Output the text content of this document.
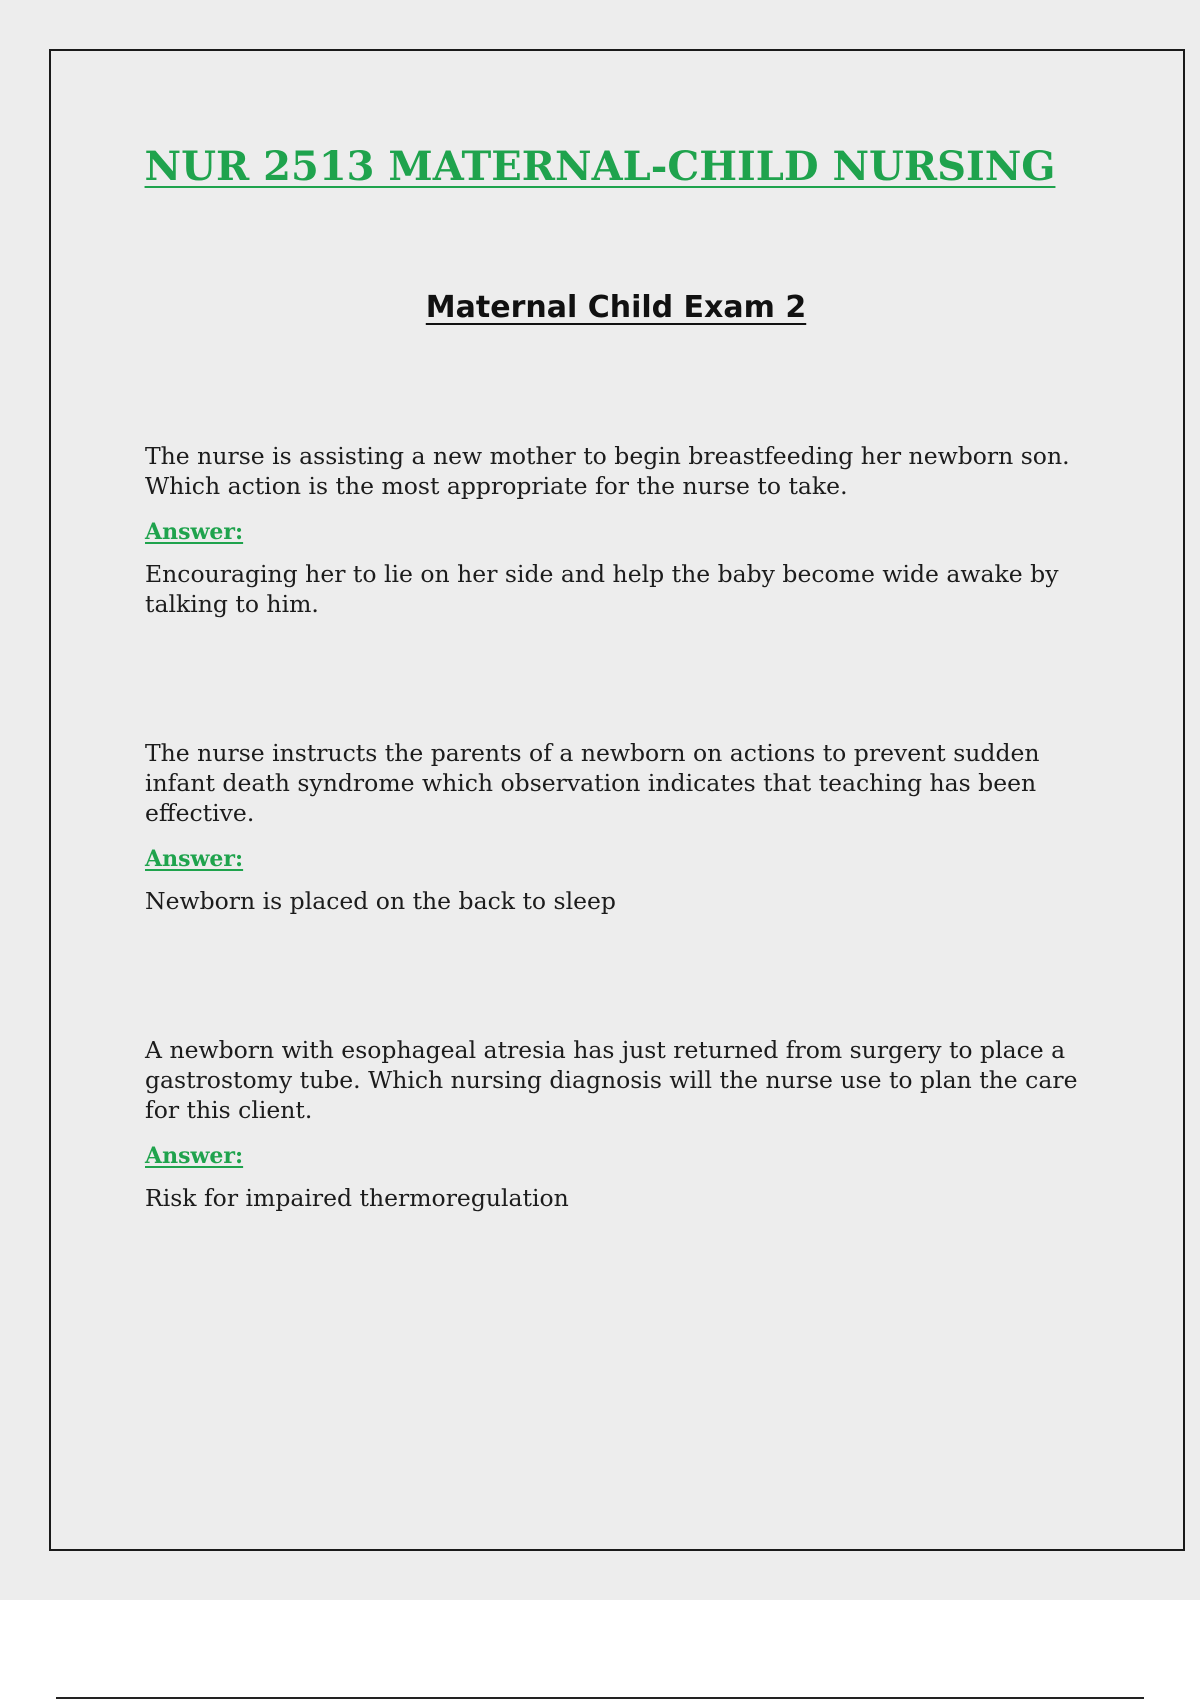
NUR 2513 MATERNAL-CHILD NURSING
Maternal Child Exam 2

The nurse is assisting a new mother to begin breastfeeding her newborn son. Which action is the most appropriate for the nurse to take.

Answer:

Encouraging her to lie on her side and help the baby become wide awake by talking to him.

The nurse instructs the parents of a newborn on actions to prevent sudden infant death syndrome which observation indicates that teaching has been effective.

Answer:

Newborn is placed on the back to sleep

A newborn with esophageal atresia has just returned from surgery to place a gastrostomy tube. Which nursing diagnosis will the nurse use to plan the care for this client.

Answer:

Risk for impaired thermoregulation
